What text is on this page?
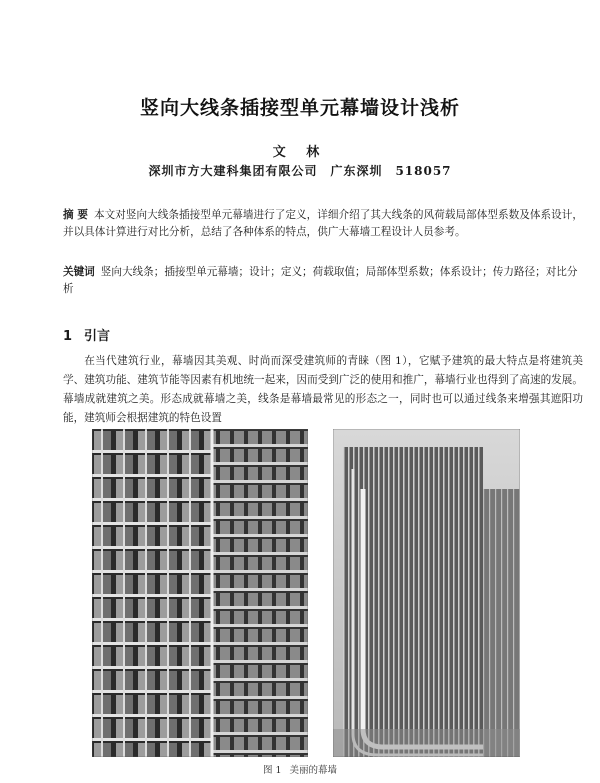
竖向大线条插接型单元幕墙设计浅析
文 林
深圳市方大建科集团有限公司　广东深圳　518057
摘 要 本文对竖向大线条插接型单元幕墙进行了定义，详细介绍了其大线条的风荷载局部体型系数及体系设计，并以具体计算进行对比分析，总结了各种体系的特点，供广大幕墙工程设计人员参考。
关键词 竖向大线条；插接型单元幕墙；设计；定义；荷载取值；局部体型系数；体系设计；传力路径；对比分析
1 引言
在当代建筑行业，幕墙因其美观、时尚而深受建筑师的青睐（图 1），它赋予建筑的最大特点是将建筑美学、建筑功能、建筑节能等因素有机地统一起来，因而受到广泛的使用和推广，幕墙行业也得到了高速的发展。幕墙成就建筑之美。形态成就幕墙之美，线条是幕墙最常见的形态之一，同时也可以通过线条来增强其遮阳功能，建筑师会根据建筑的特色设置
图 1 美丽的幕墙
